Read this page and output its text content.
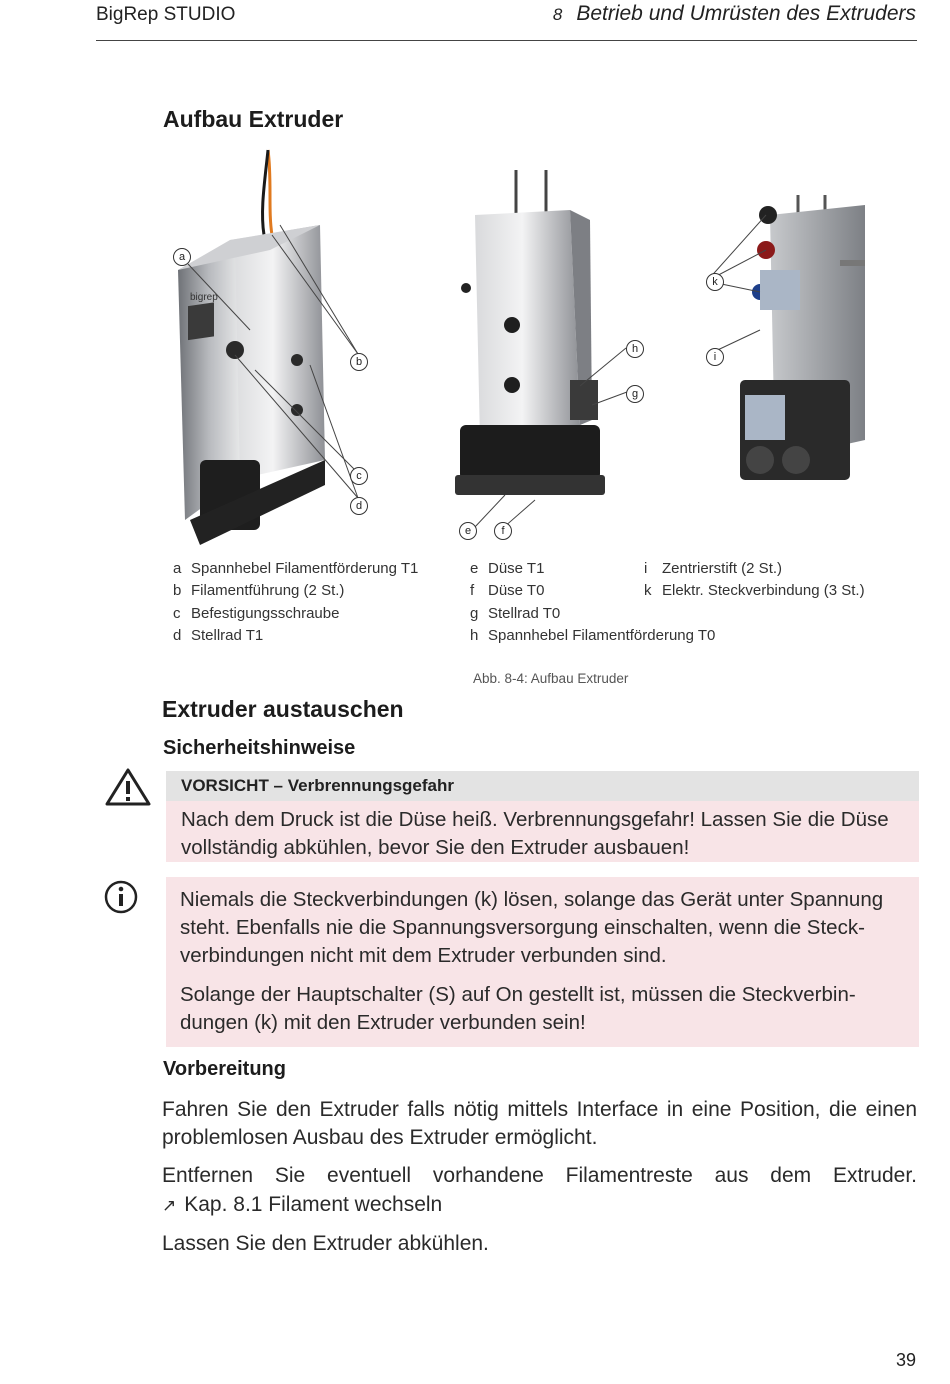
BigRep STUDIO	8 Betrieb und Umrüsten des Extruders
Aufbau Extruder
bigrep
a
b
c
d
e	f
g
h
i
k
a Spannhebel Filamentförderung T1
b Filamentführung (2 St.)
c Befestigungsschraube
d Stellrad T1
e Düse T1
f Düse T0
g Stellrad T0
h Spannhebel Filamentförderung T0
i Zentrierstift (2 St.)
k Elektr. Steckverbindung (3 St.)
Abb. 8-4: Aufbau Extruder
Extruder austauschen
Sicherheitshinweise
VORSICHT – Verbrennungsgefahr

Nach dem Druck ist die Düse heiß. Verbrennungsgefahr! Lassen Sie die Düse vollständig abkühlen, bevor Sie den Extruder ausbauen!

Niemals die Steckverbindungen (k) lösen, solange das Gerät unter Spannung steht. Ebenfalls nie die Spannungsversorgung einschalten, wenn die Steckverbindungen nicht mit dem Extruder verbunden sind.

Solange der Hauptschalter (S) auf On gestellt ist, müssen die Steckverbindungen (k) mit den Extruder verbunden sein!

Vorbereitung

Fahren Sie den Extruder falls nötig mittels Interface in eine Position, die einen problemlosen Ausbau des Extruder ermöglicht.

Entfernen Sie eventuell vorhandene Filamentreste aus dem Extruder.

↗ Kap. 8.1 Filament wechseln

Lassen Sie den Extruder abkühlen.

39
